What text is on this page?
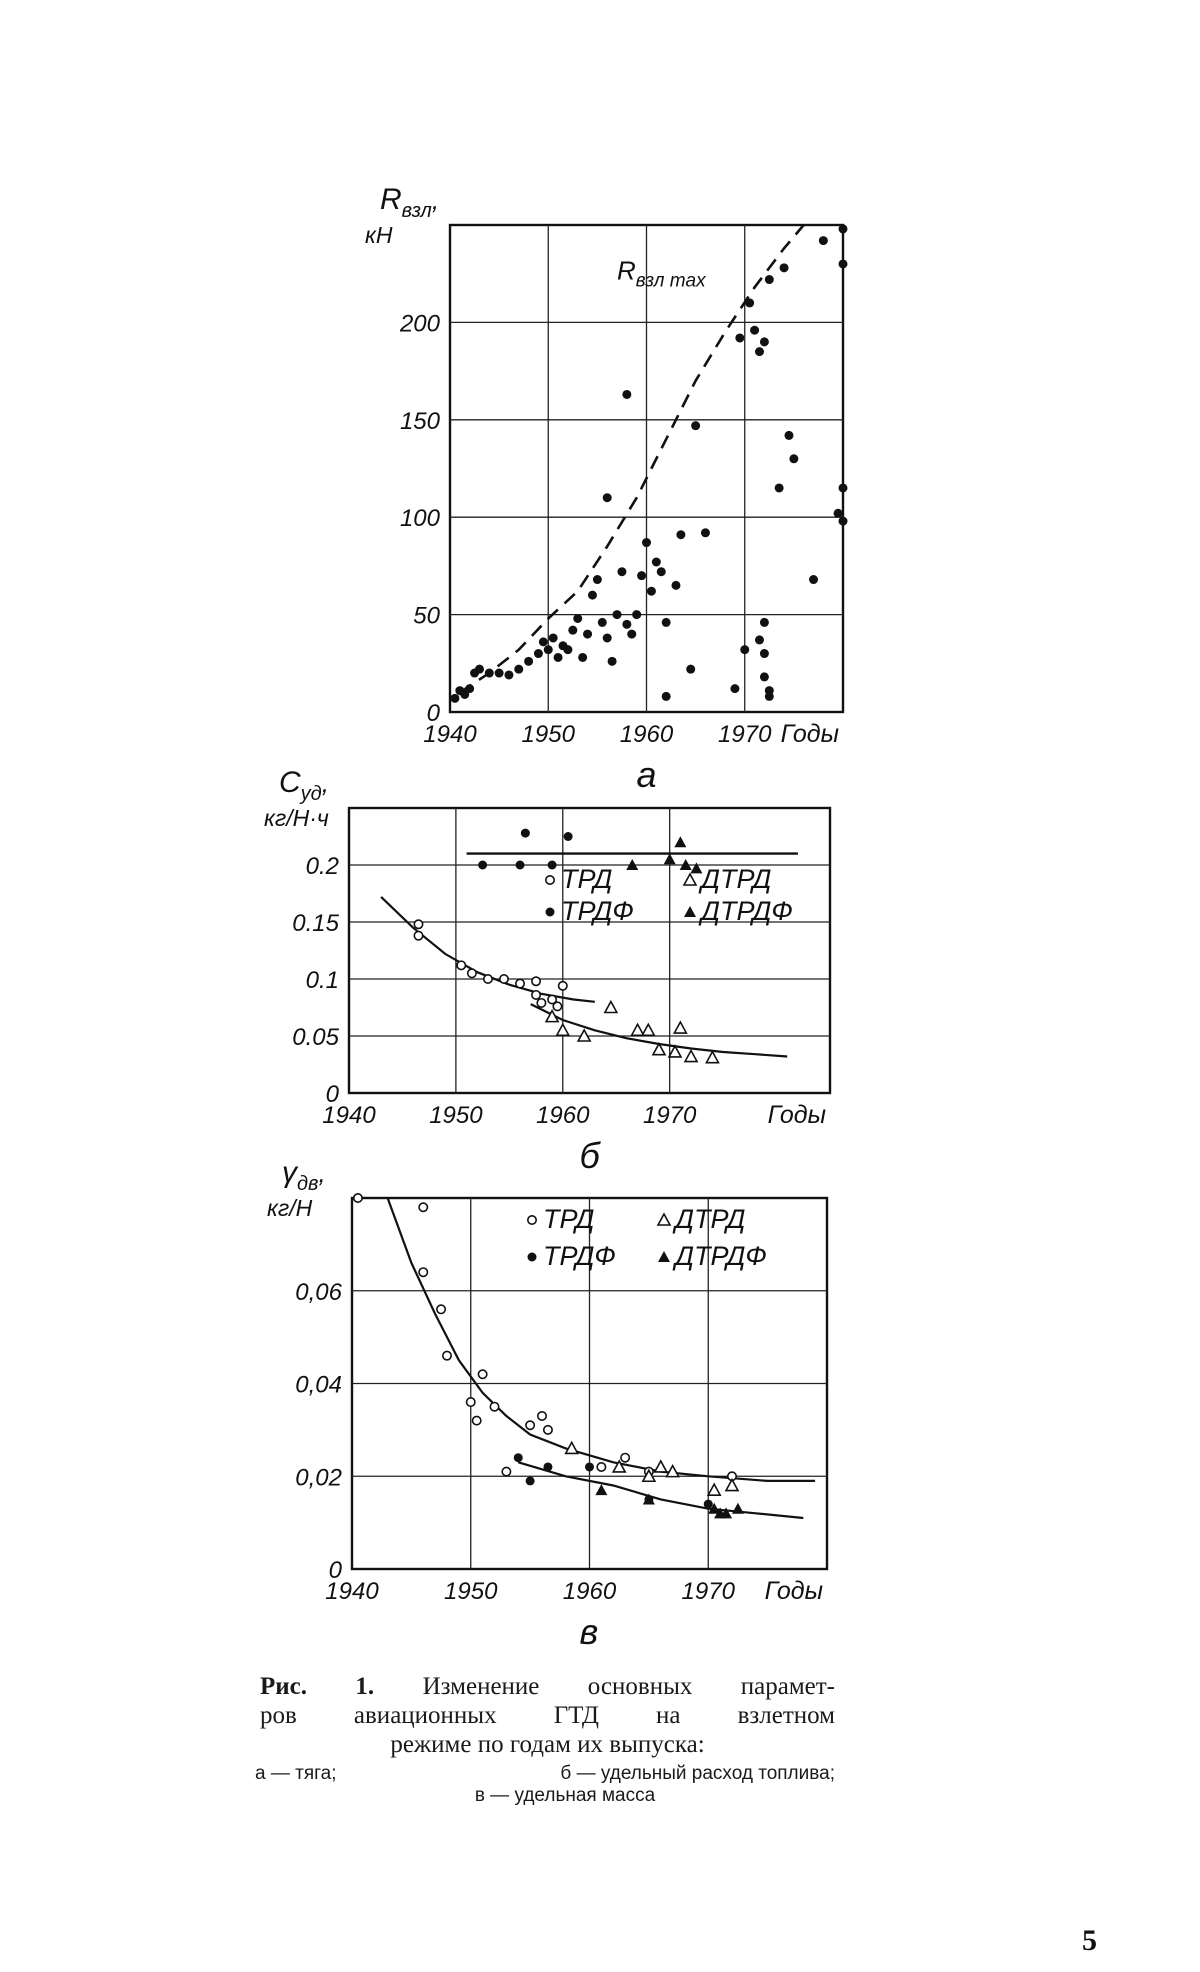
1940 1950 1960 1970
0
50
100
150
200
Годы
$R_{взл}$,
кН
а
$R_{взл max}$
1940 1950 1960 1970
0
0.05
0.1
0.15
0.2
Годы
$C_{уд}$,
кг/Н·ч
б
ТРД	ДТРД
ТРДФ ДТРДФ
1940	1950	1960	1970
0
0,02
0,04
0,06
Годы
$\gamma_{дв}$,
кг/Н
в
ТРД	ДТРД
ТРДФ ДТРДФ
Рис. 1. Изменение основных парамет-
ров авиационных ГТД на взлетном
режиме по годам их выпуска:
а — тяга;	б — удельный расход топлива;
в — удельная масса
5
